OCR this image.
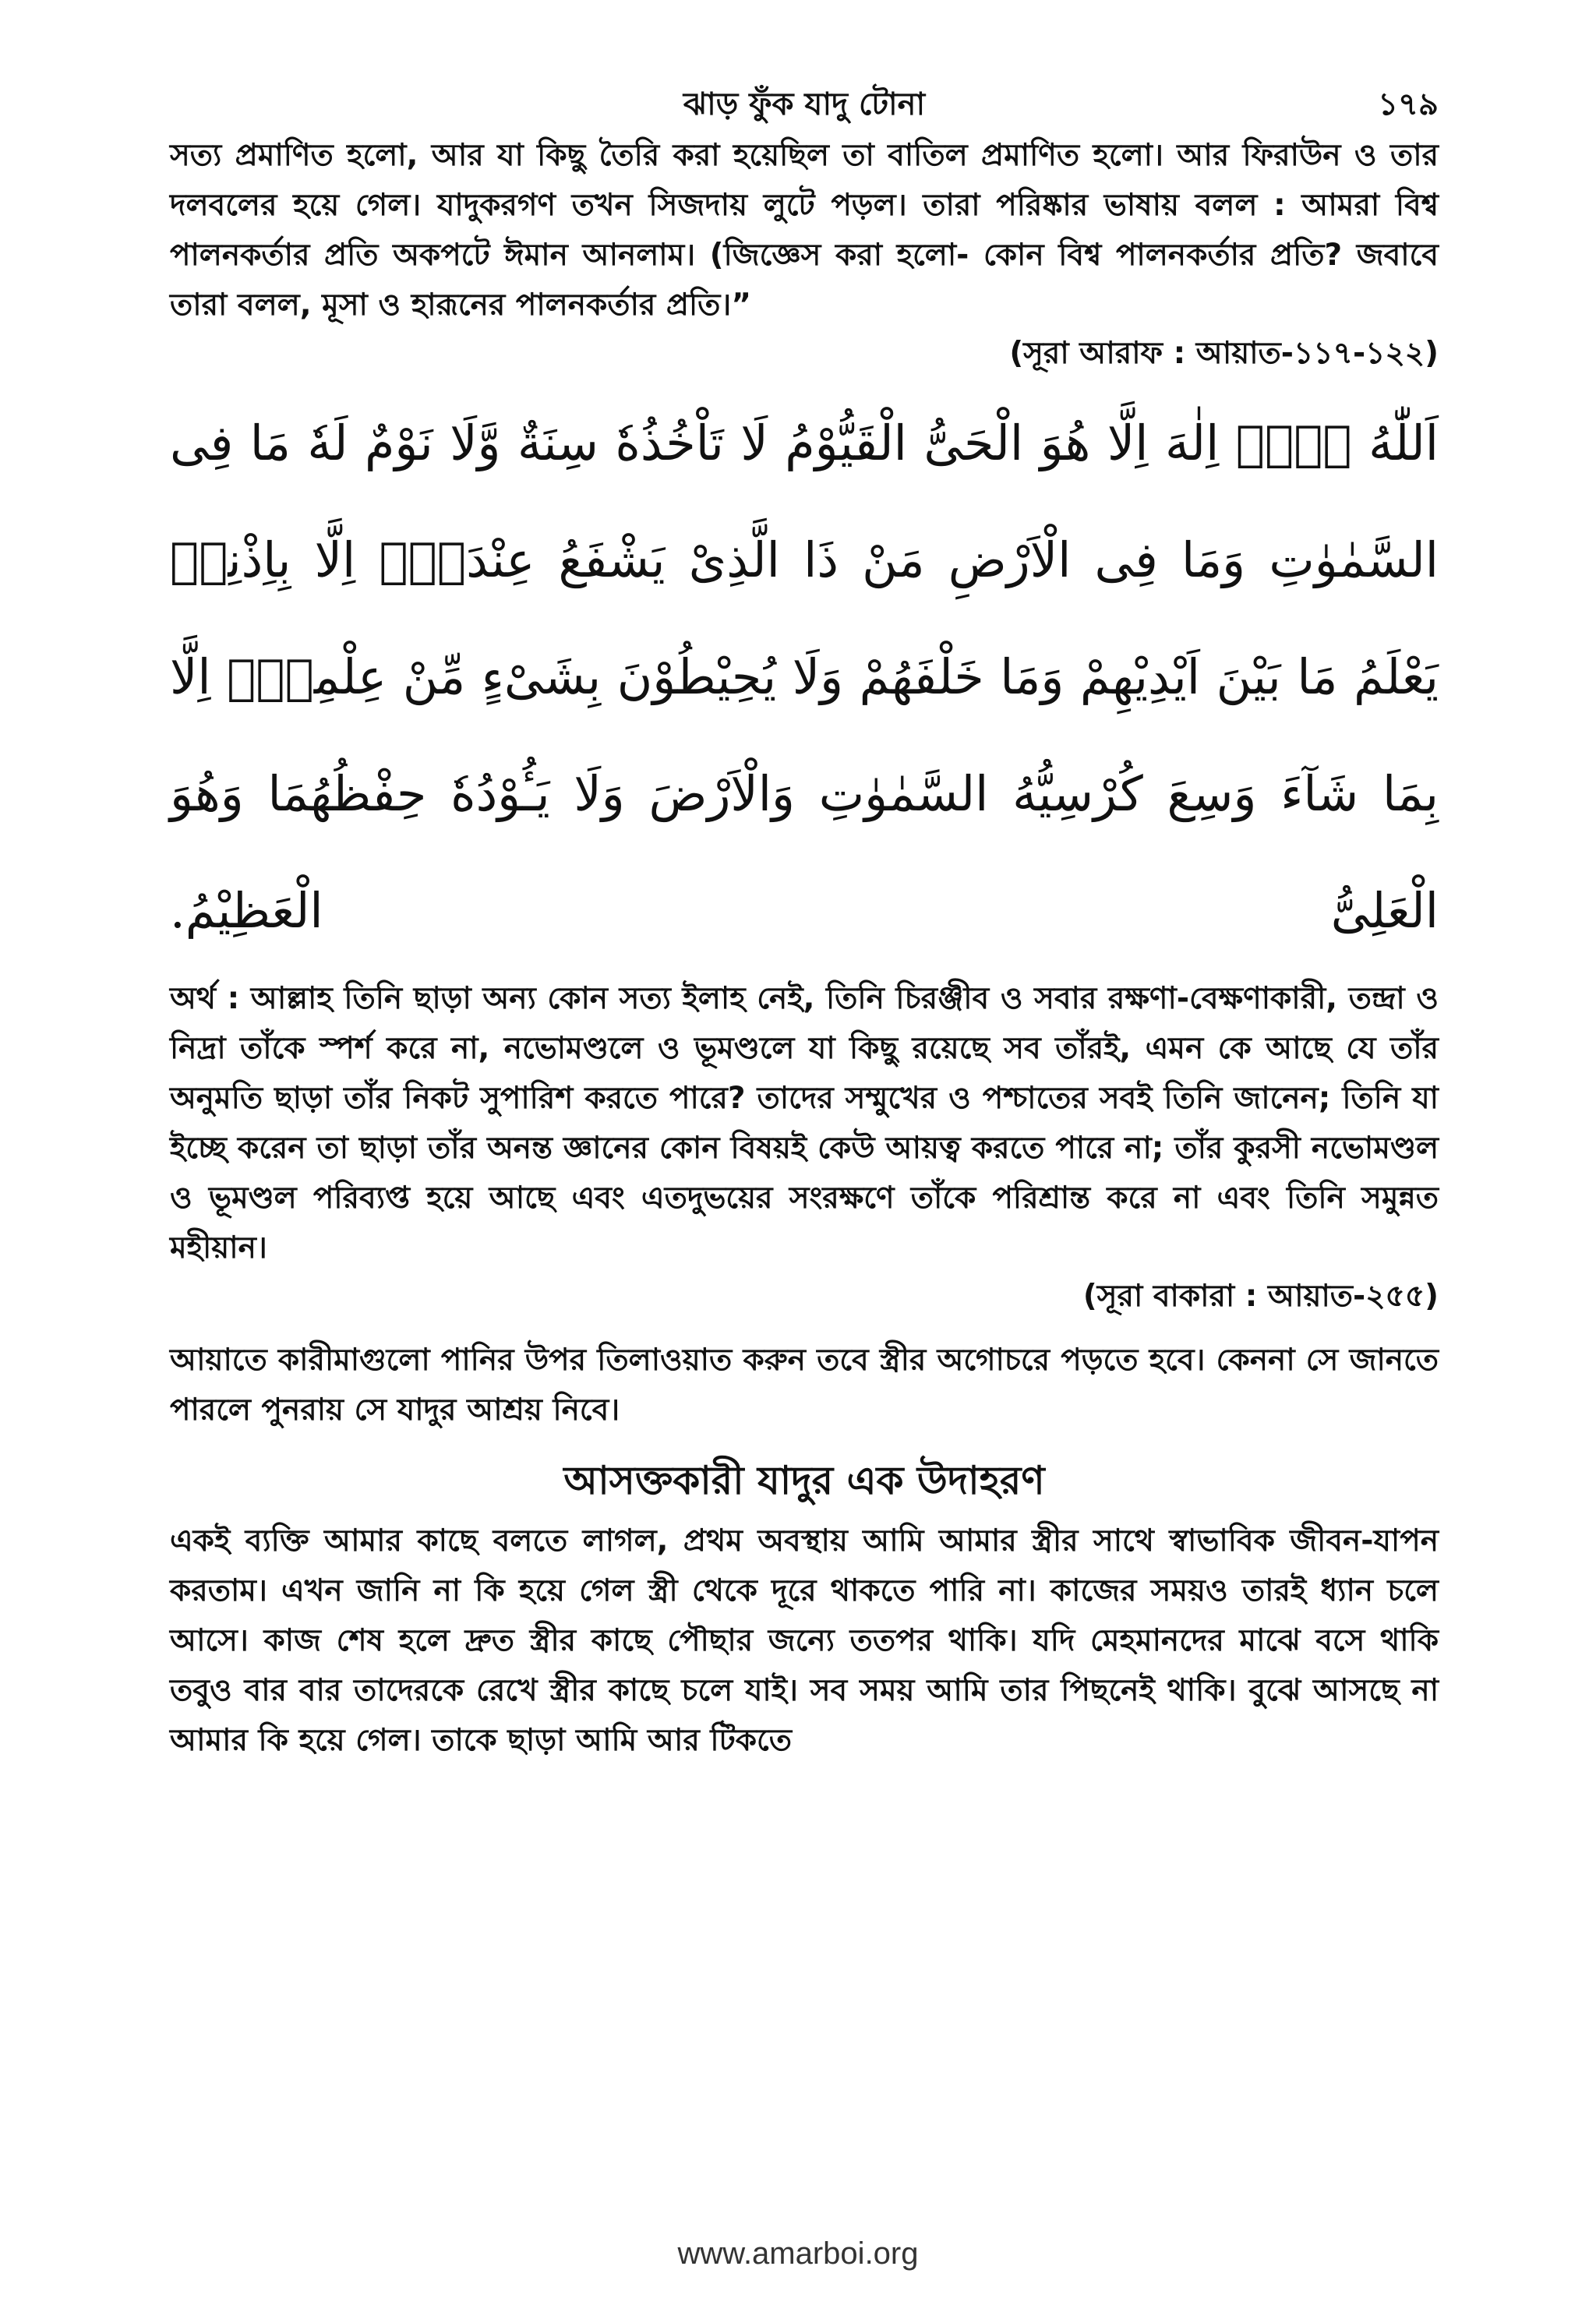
ঝাড় ফুঁক যাদু টোনা	১৭৯

সত্য প্রমাণিত হলো, আর যা কিছু তৈরি করা হয়েছিল তা বাতিল প্রমাণিত হলো। আর ফিরাউন ও তার দলবলের হয়ে গেল। যাদুকরগণ তখন সিজদায় লুটে পড়ল। তারা পরিষ্কার ভাষায় বলল : আমরা বিশ্ব পালনকর্তার প্রতি অকপটে ঈমান আনলাম। (জিজ্ঞেস করা হলো- কোন বিশ্ব পালনকর্তার প্রতি? জবাবে তারা বলল, মূসা ও হারূনের পালনকর্তার প্রতি।”

(সূরা আরাফ : আয়াত-১১৭-১২২)

اَللّٰهُ لَاۤ اِلٰهَ اِلَّا هُوَ الْحَیُّ الْقَیُّوْمُ لَا تَاْخُذُهٗ سِنَةٌ وَّلَا نَوْمٌ لَهٗ مَا فِی السَّمٰوٰتِ وَمَا فِی الْاَرْضِ مَنْ ذَا الَّذِیْ یَشْفَعُ عِنْدَهٗۤ اِلَّا بِاِذْنِهٖ یَعْلَمُ مَا بَیْنَ اَیْدِیْهِمْ وَمَا خَلْفَهُمْ وَلَا یُحِیْطُوْنَ بِشَیْءٍ مِّنْ عِلْمِهٖۤ اِلَّا بِمَا شَآءَ وَسِعَ كُرْسِیُّهُ السَّمٰوٰتِ وَالْاَرْضَ وَلَا یَـُٔوْدُهٗ حِفْظُهُمَا وَهُوَ الْعَلِیُّ الْعَظِیْمُ.

অর্থ : আল্লাহ তিনি ছাড়া অন্য কোন সত্য ইলাহ নেই, তিনি চিরঞ্জীব ও সবার রক্ষণা-বেক্ষণাকারী, তন্দ্রা ও নিদ্রা তাঁকে স্পর্শ করে না, নভোমণ্ডলে ও ভূমণ্ডলে যা কিছু রয়েছে সব তাঁরই, এমন কে আছে যে তাঁর অনুমতি ছাড়া তাঁর নিকট সুপারিশ করতে পারে? তাদের সম্মুখের ও পশ্চাতের সবই তিনি জানেন; তিনি যা ইচ্ছে করেন তা ছাড়া তাঁর অনন্ত জ্ঞানের কোন বিষয়ই কেউ আয়ত্ব করতে পারে না; তাঁর কুরসী নভোমণ্ডল ও ভূমণ্ডল পরিব্যপ্ত হয়ে আছে এবং এতদুভয়ের সংরক্ষণে তাঁকে পরিশ্রান্ত করে না এবং তিনি সমুন্নত মহীয়ান।

(সূরা বাকারা : আয়াত-২৫৫)

আয়াতে কারীমাগুলো পানির উপর তিলাওয়াত করুন তবে স্ত্রীর অগোচরে পড়তে হবে। কেননা সে জানতে পারলে পুনরায় সে যাদুর আশ্রয় নিবে।

আসক্তকারী যাদুর এক উদাহরণ

একই ব্যক্তি আমার কাছে বলতে লাগল, প্রথম অবস্থায় আমি আমার স্ত্রীর সাথে স্বাভাবিক জীবন-যাপন করতাম। এখন জানি না কি হয়ে গেল স্ত্রী থেকে দূরে থাকতে পারি না। কাজের সময়ও তারই ধ্যান চলে আসে। কাজ শেষ হলে দ্রুত স্ত্রীর কাছে পৌছার জন্যে ততপর থাকি। যদি মেহমানদের মাঝে বসে থাকি তবুও বার বার তাদেরকে রেখে স্ত্রীর কাছে চলে যাই। সব সময় আমি তার পিছনেই থাকি। বুঝে আসছে না আমার কি হয়ে গেল। তাকে ছাড়া আমি আর টিকতে

www.amarboi.org
